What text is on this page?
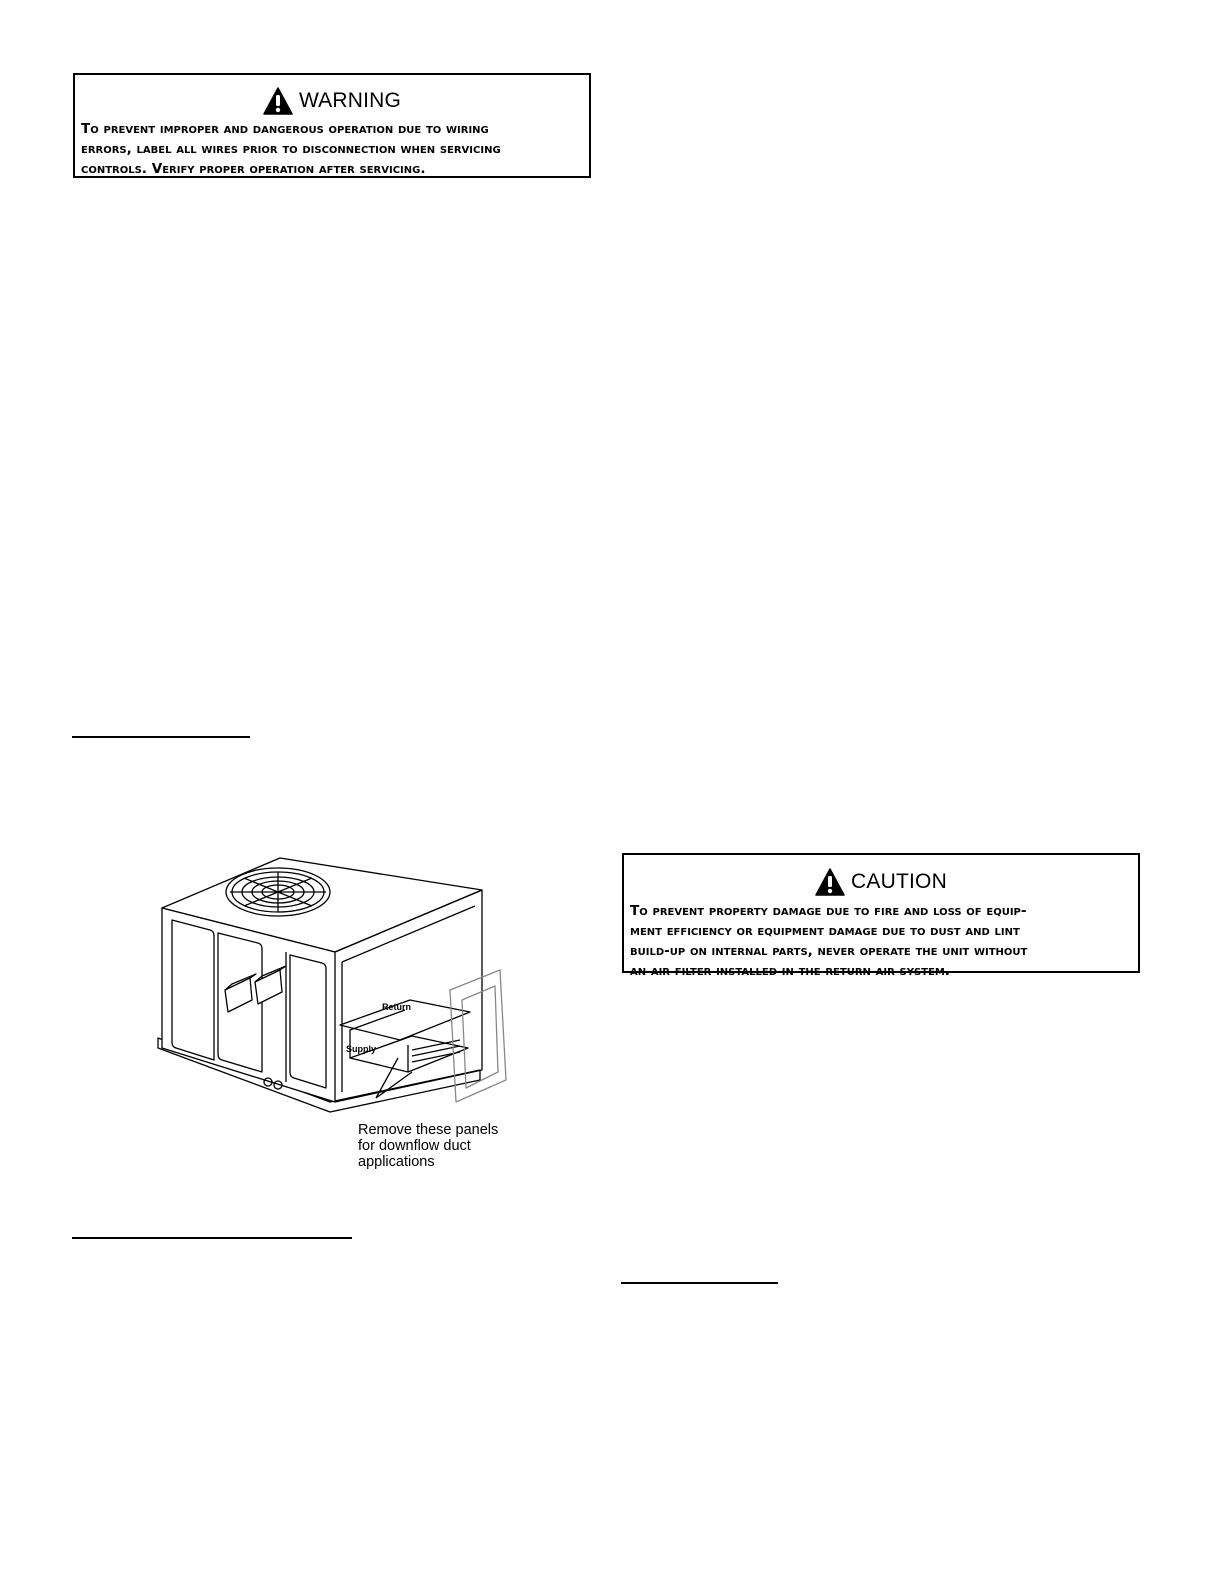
WARNING
To prevent improper and dangerous operation due to wiring
errors, label all wires prior to disconnection when servicing
controls. Verify proper operation after servicing.
Return
Supply
Remove these panels
for downflow duct
applications
CAUTION
To prevent property damage due to fire and loss of equip-
ment efficiency or equipment damage due to dust and lint
build-up on internal parts, never operate the unit without
an air filter installed in the return air system.
